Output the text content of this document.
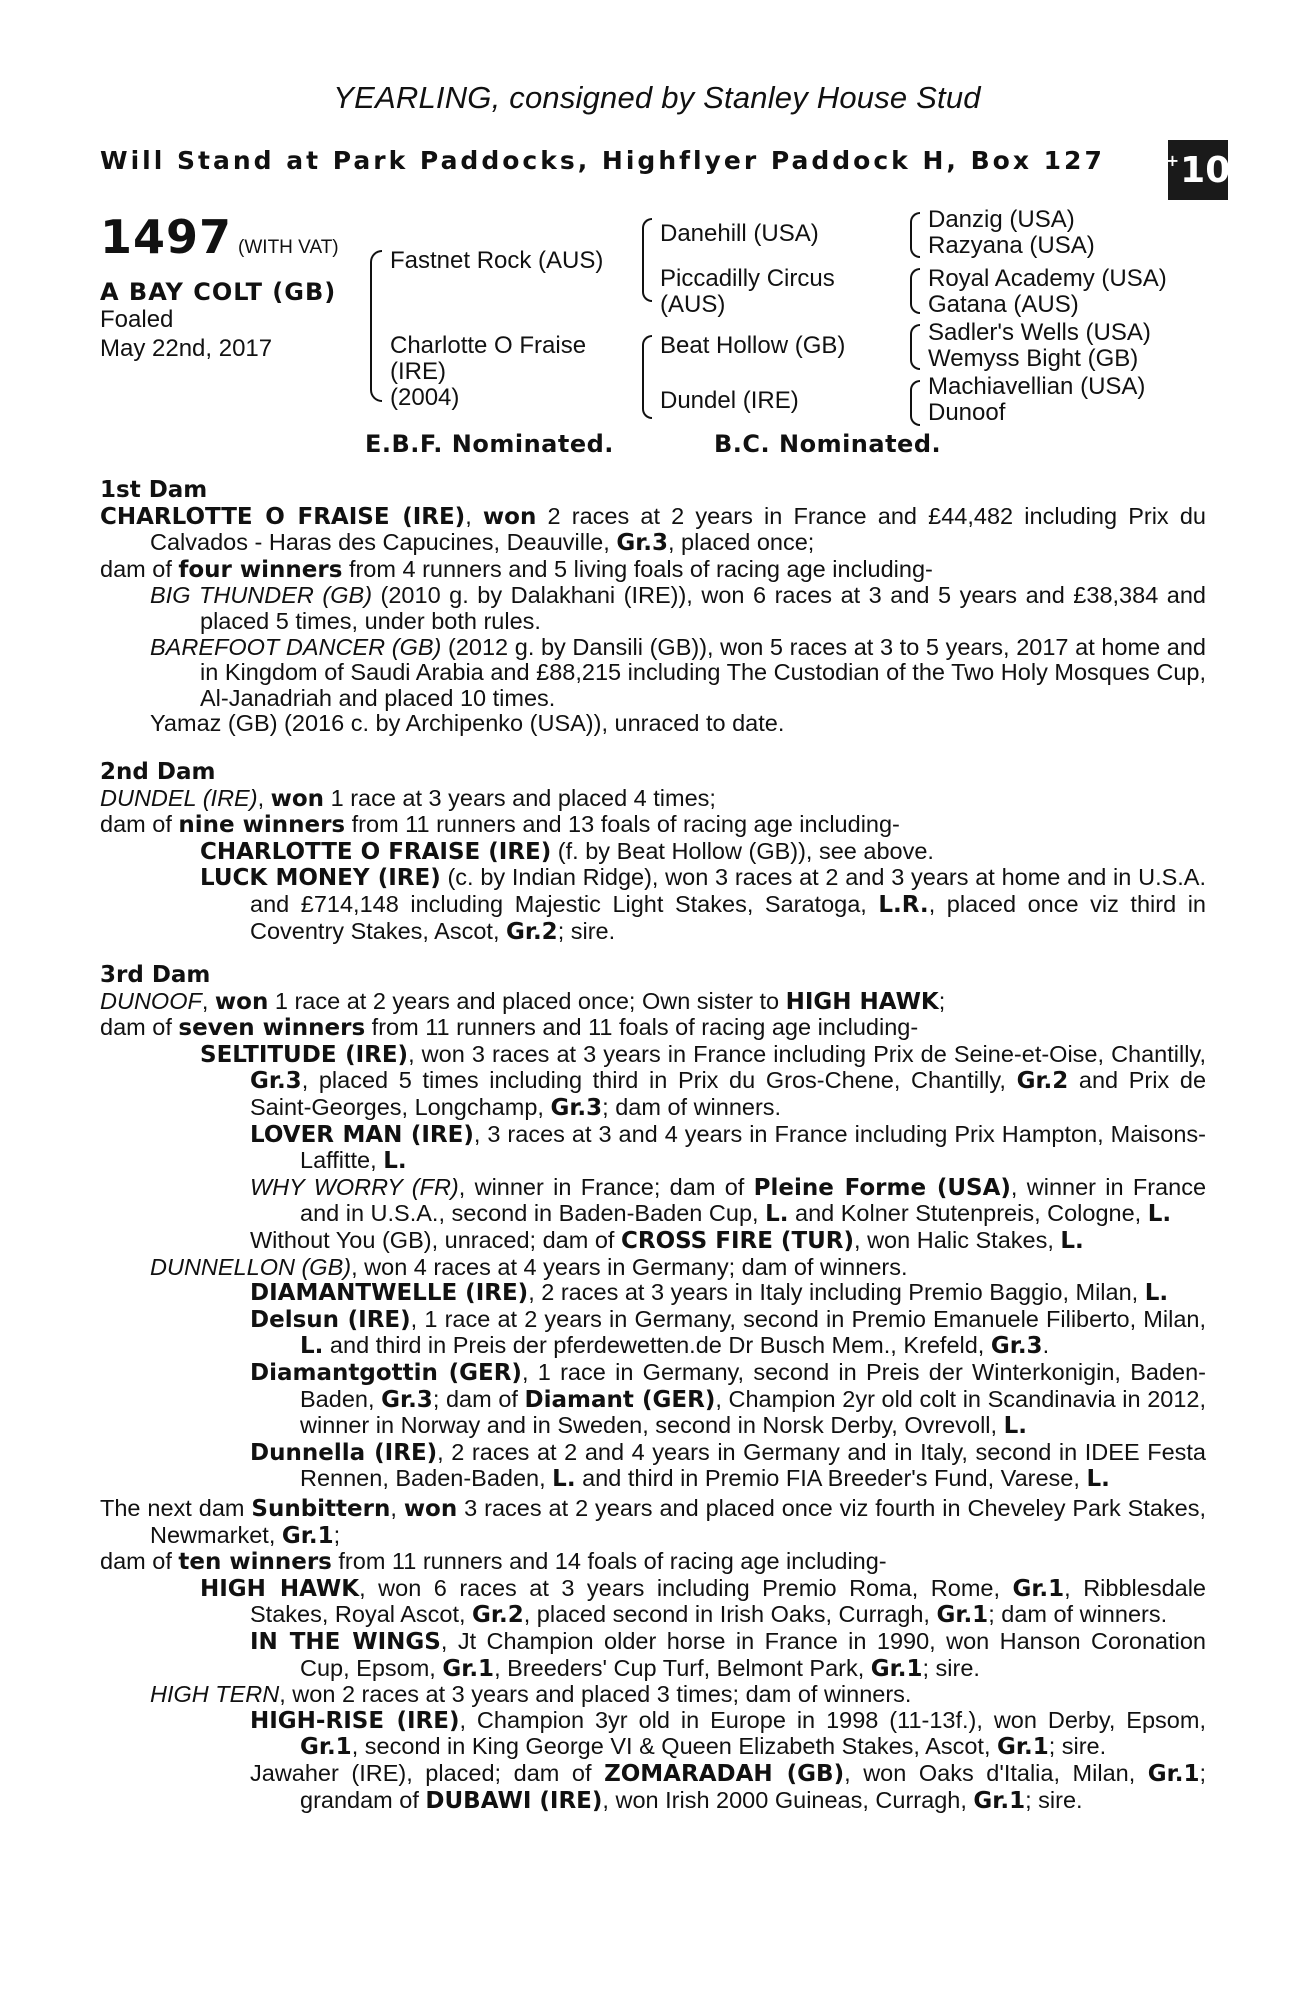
YEARLING, consigned by Stanley House Stud
Will Stand at Park Paddocks, Highflyer Paddock H, Box 127	+ 10
1497 (WITH VAT)
A BAY COLT (GB)
Foaled
May 22nd, 2017
Fastnet Rock (AUS)
Charlotte O Fraise
(IRE)
(2004)
Danehill (USA)
Piccadilly Circus
(AUS)
Beat Hollow (GB)
Dundel (IRE)
Danzig (USA)
Razyana (USA)
Royal Academy (USA)
Gatana (AUS)
Sadler's Wells (USA)
Wemyss Bight (GB)
Machiavellian (USA)
Dunoof
E.B.F. Nominated.	B.C. Nominated.
1st Dam

CHARLOTTE O FRAISE (IRE), won 2 races at 2 years in France and £44,482 including Prix du Calvados - Haras des Capucines, Deauville, Gr.3, placed once;

dam of four winners from 4 runners and 5 living foals of racing age including-

BIG THUNDER (GB) (2010 g. by Dalakhani (IRE)), won 6 races at 3 and 5 years and £38,384 and placed 5 times, under both rules.

BAREFOOT DANCER (GB) (2012 g. by Dansili (GB)), won 5 races at 3 to 5 years, 2017 at home and in Kingdom of Saudi Arabia and £88,215 including The Custodian of the Two Holy Mosques Cup, Al-Janadriah and placed 10 times.

Yamaz (GB) (2016 c. by Archipenko (USA)), unraced to date.

2nd Dam

DUNDEL (IRE), won 1 race at 3 years and placed 4 times;

dam of nine winners from 11 runners and 13 foals of racing age including-

CHARLOTTE O FRAISE (IRE) (f. by Beat Hollow (GB)), see above.

LUCK MONEY (IRE) (c. by Indian Ridge), won 3 races at 2 and 3 years at home and in U.S.A. and £714,148 including Majestic Light Stakes, Saratoga, L.R., placed once viz third in Coventry Stakes, Ascot, Gr.2; sire.

3rd Dam

DUNOOF, won 1 race at 2 years and placed once; Own sister to HIGH HAWK;

dam of seven winners from 11 runners and 11 foals of racing age including-

SELTITUDE (IRE), won 3 races at 3 years in France including Prix de Seine-et-Oise, Chantilly, Gr.3, placed 5 times including third in Prix du Gros-Chene, Chantilly, Gr.2 and Prix de Saint-Georges, Longchamp, Gr.3; dam of winners.

LOVER MAN (IRE), 3 races at 3 and 4 years in France including Prix Hampton, Maisons-Laffitte, L.

WHY WORRY (FR), winner in France; dam of Pleine Forme (USA), winner in France and in U.S.A., second in Baden-Baden Cup, L. and Kolner Stutenpreis, Cologne, L.

Without You (GB), unraced; dam of CROSS FIRE (TUR), won Halic Stakes, L.

DUNNELLON (GB), won 4 races at 4 years in Germany; dam of winners.

DIAMANTWELLE (IRE), 2 races at 3 years in Italy including Premio Baggio, Milan, L.

Delsun (IRE), 1 race at 2 years in Germany, second in Premio Emanuele Filiberto, Milan, L. and third in Preis der pferdewetten.de Dr Busch Mem., Krefeld, Gr.3.

Diamantgottin (GER), 1 race in Germany, second in Preis der Winterkonigin, Baden-Baden, Gr.3; dam of Diamant (GER), Champion 2yr old colt in Scandinavia in 2012, winner in Norway and in Sweden, second in Norsk Derby, Ovrevoll, L.

Dunnella (IRE), 2 races at 2 and 4 years in Germany and in Italy, second in IDEE Festa Rennen, Baden-Baden, L. and third in Premio FIA Breeder's Fund, Varese, L.

The next dam Sunbittern, won 3 races at 2 years and placed once viz fourth in Cheveley Park Stakes, Newmarket, Gr.1;

dam of ten winners from 11 runners and 14 foals of racing age including-

HIGH HAWK, won 6 races at 3 years including Premio Roma, Rome, Gr.1, Ribblesdale Stakes, Royal Ascot, Gr.2, placed second in Irish Oaks, Curragh, Gr.1; dam of winners.

IN THE WINGS, Jt Champion older horse in France in 1990, won Hanson Coronation Cup, Epsom, Gr.1, Breeders' Cup Turf, Belmont Park, Gr.1; sire.

HIGH TERN, won 2 races at 3 years and placed 3 times; dam of winners.

HIGH-RISE (IRE), Champion 3yr old in Europe in 1998 (11-13f.), won Derby, Epsom, Gr.1, second in King George VI & Queen Elizabeth Stakes, Ascot, Gr.1; sire.

Jawaher (IRE), placed; dam of ZOMARADAH (GB), won Oaks d'Italia, Milan, Gr.1; grandam of DUBAWI (IRE), won Irish 2000 Guineas, Curragh, Gr.1; sire.
